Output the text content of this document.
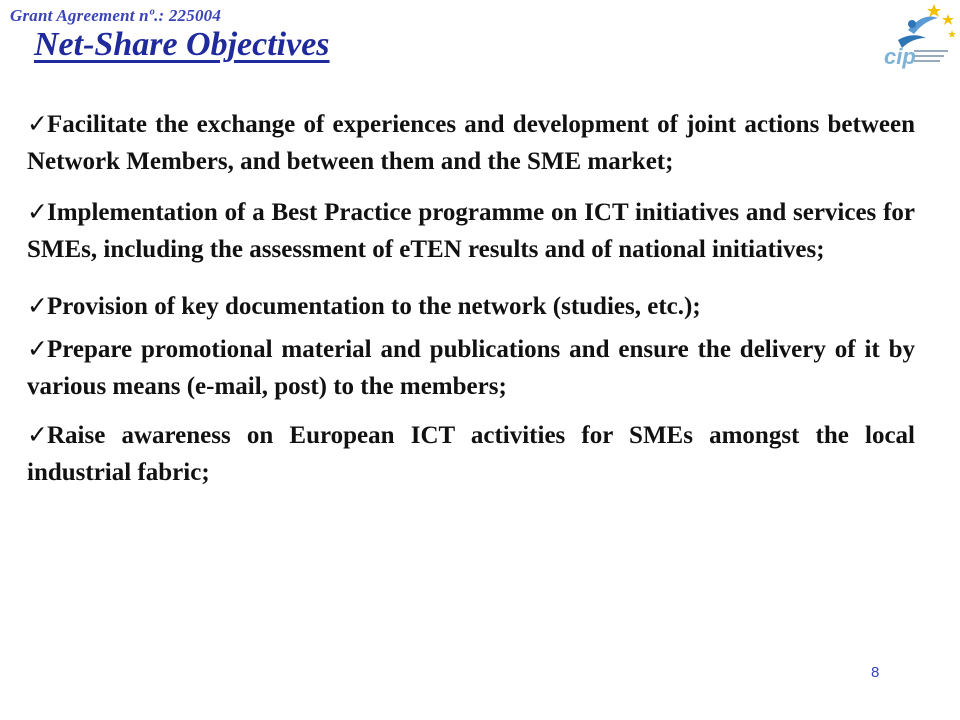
Grant Agreement nº.: 225004
Net-Share Objectives	cip

✓Facilitate the exchange of experiences and development of joint actions between Network Members, and between them and the SME market;

✓Implementation of a Best Practice programme on ICT initiatives and services for SMEs, including the assessment of eTEN results and of national initiatives;

✓Provision of key documentation to the network (studies, etc.);

✓Prepare promotional material and publications and ensure the delivery of it by various means (e-mail, post) to the members;

✓Raise awareness on European ICT activities for SMEs amongst the local industrial fabric;

8
